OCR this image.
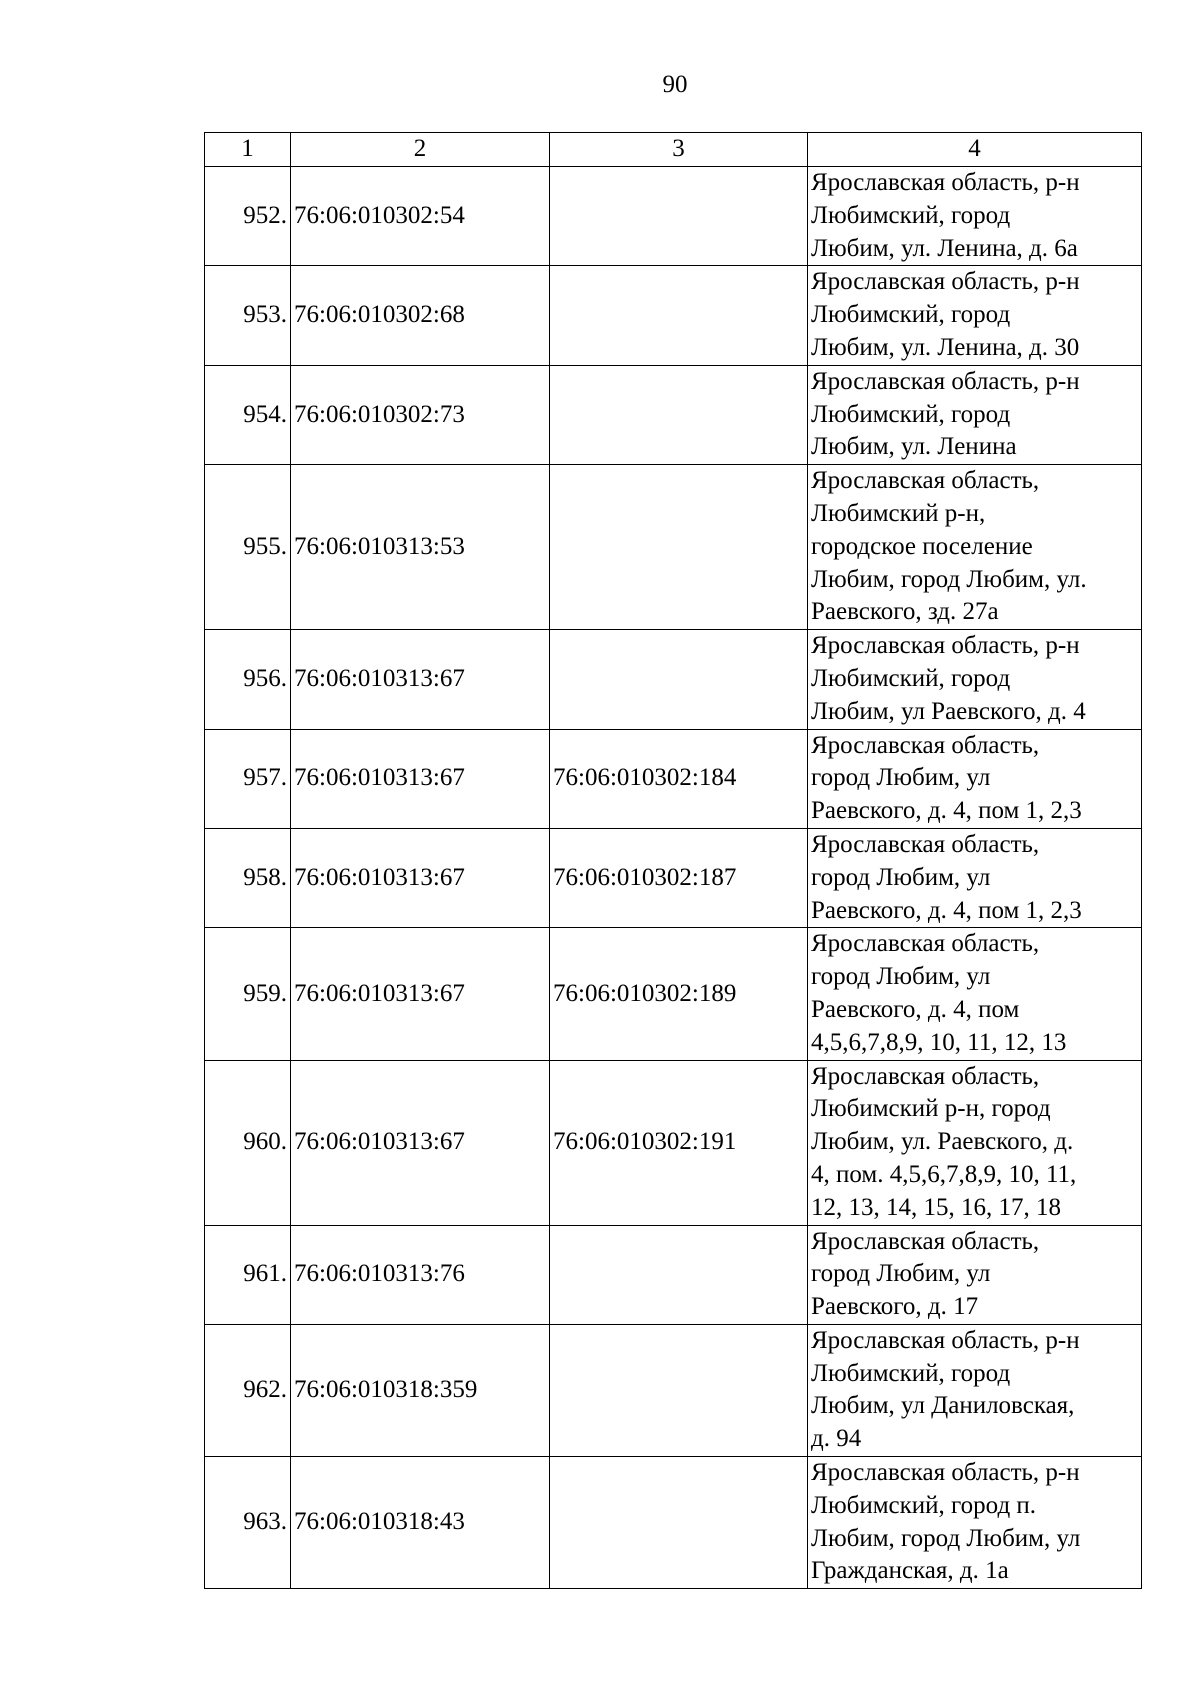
90
1	2	3	4
952.	76:06:010302:54		Ярославская область, р-н
Любимский, город
Любим, ул. Ленина, д. 6а

953.	76:06:010302:68		Ярославская область, р-н
Любимский, город
Любим, ул. Ленина, д. 30

954.	76:06:010302:73		Ярославская область, р-н
Любимский, город
Любим, ул. Ленина

955.	76:06:010313:53		Ярославская область,
Любимский р-н,
городское поселение
Любим, город Любим, ул.
Раевского, зд. 27а

956.	76:06:010313:67		Ярославская область, р-н
Любимский, город
Любим, ул Раевского, д. 4

957.	76:06:010313:67	76:06:010302:184	Ярославская область,
город Любим, ул
Раевского, д. 4, пом 1, 2,3

958.	76:06:010313:67	76:06:010302:187	Ярославская область,
город Любим, ул
Раевского, д. 4, пом 1, 2,3

959.	76:06:010313:67	76:06:010302:189	Ярославская область,
город Любим, ул
Раевского, д. 4, пом
4,5,6,7,8,9, 10, 11, 12, 13

960.	76:06:010313:67	76:06:010302:191	Ярославская область,
Любимский р-н, город
Любим, ул. Раевского, д.
4, пом. 4,5,6,7,8,9, 10, 11,
12, 13, 14, 15, 16, 17, 18

961.	76:06:010313:76		Ярославская область,
город Любим, ул
Раевского, д. 17

962.	76:06:010318:359		Ярославская область, р-н
Любимский, город
Любим, ул Даниловская,
д. 94

963.	76:06:010318:43		Ярославская область, р-н
Любимский, город п.
Любим, город Любим, ул
Гражданская, д. 1а
